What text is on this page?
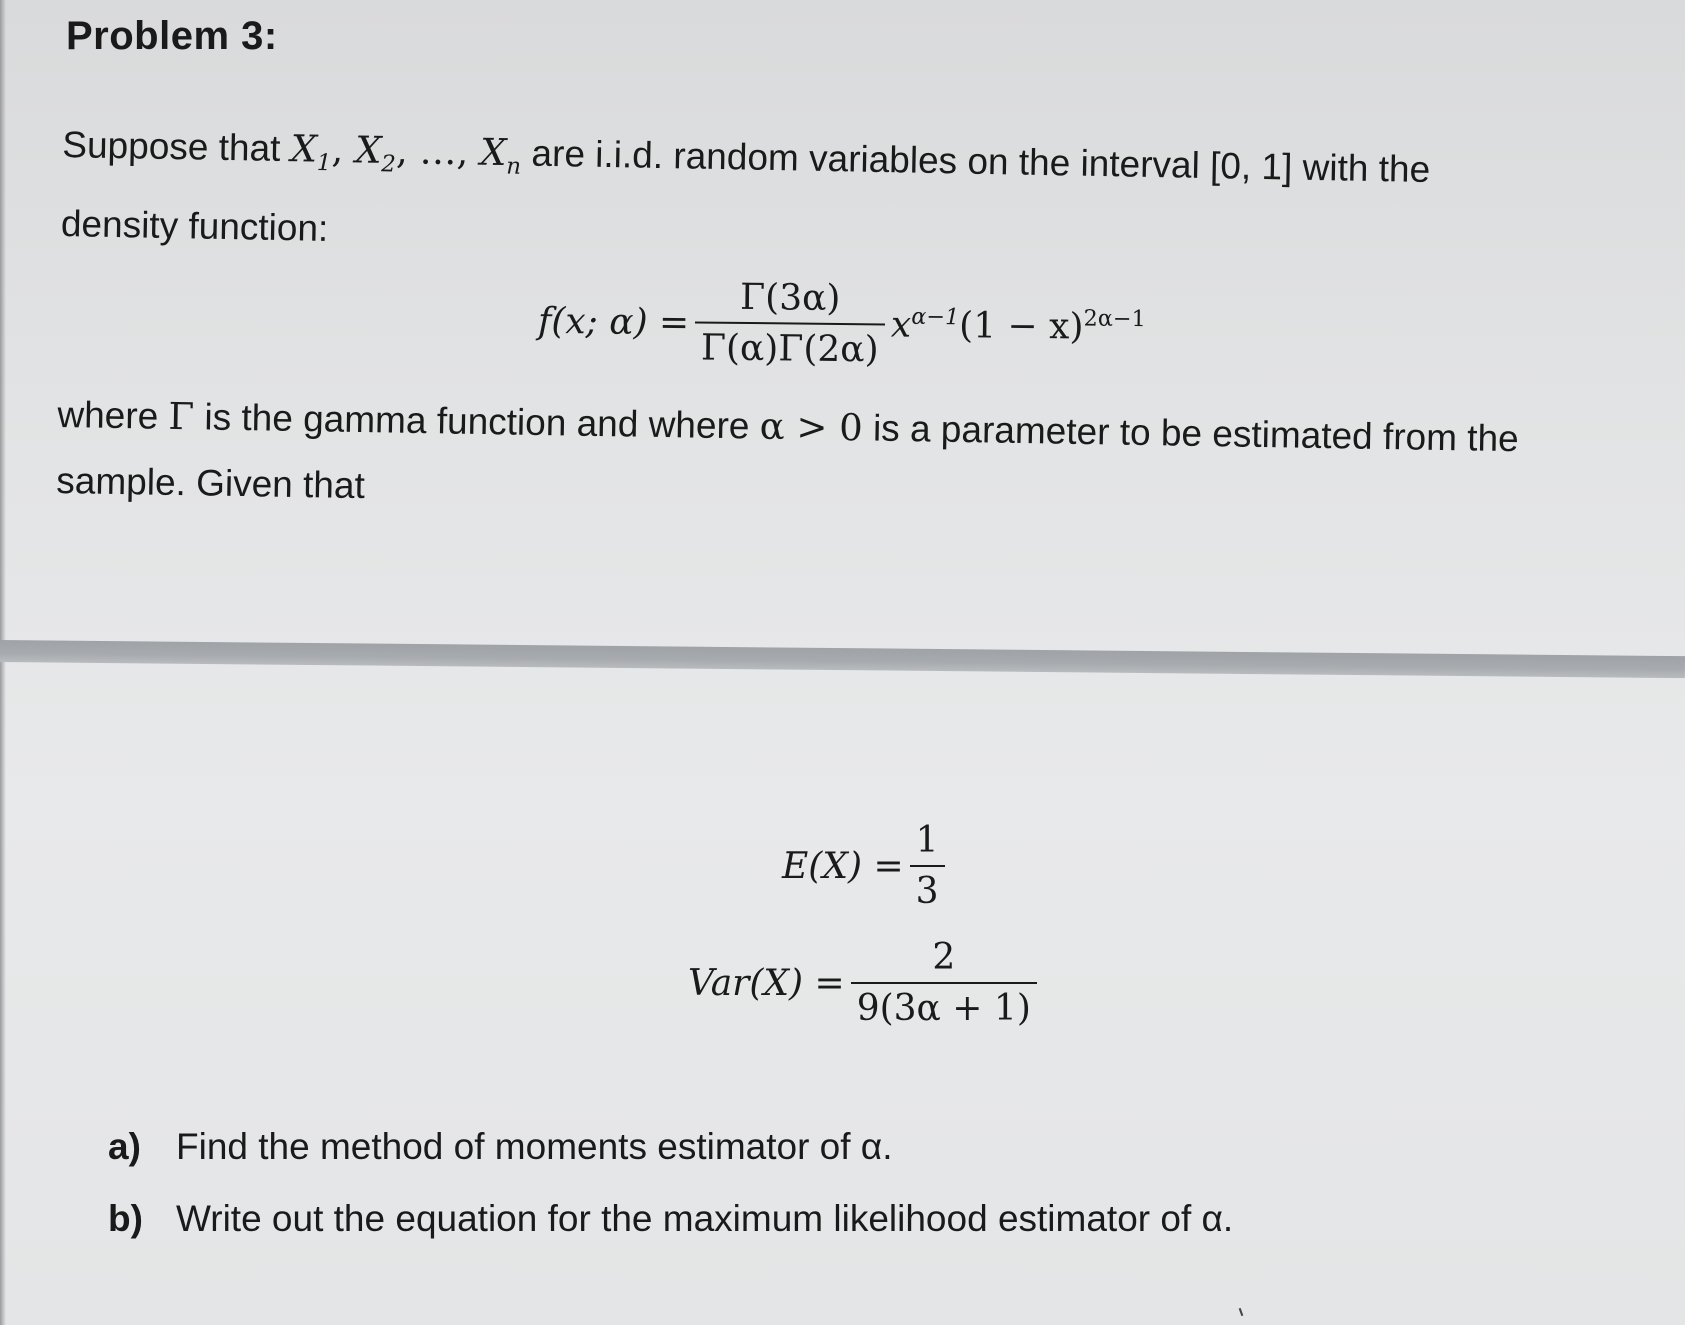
Problem 3:
Suppose that $X_1$, $X_2$, …, $X_n$ are i.i.d. random variables on the interval [0, 1] with the
density function:
f(x; $\alpha) = \frac{\Gamma(3\alpha)}{\Gamma(\alpha)\Gamma(2\alpha)} x^{\alpha-1}$ $(1 - x)^{2\alpha-1}$
where Γ is the gamma function and where α > 0 is a parameter to be estimated from the
sample. Given that
$E(X) = \frac{1}{3}$
$Var(X) = \frac{2}{9(3\alpha + 1)}$
a) Find the method of moments estimator of α.
b) Write out the equation for the maximum likelihood estimator of α.
